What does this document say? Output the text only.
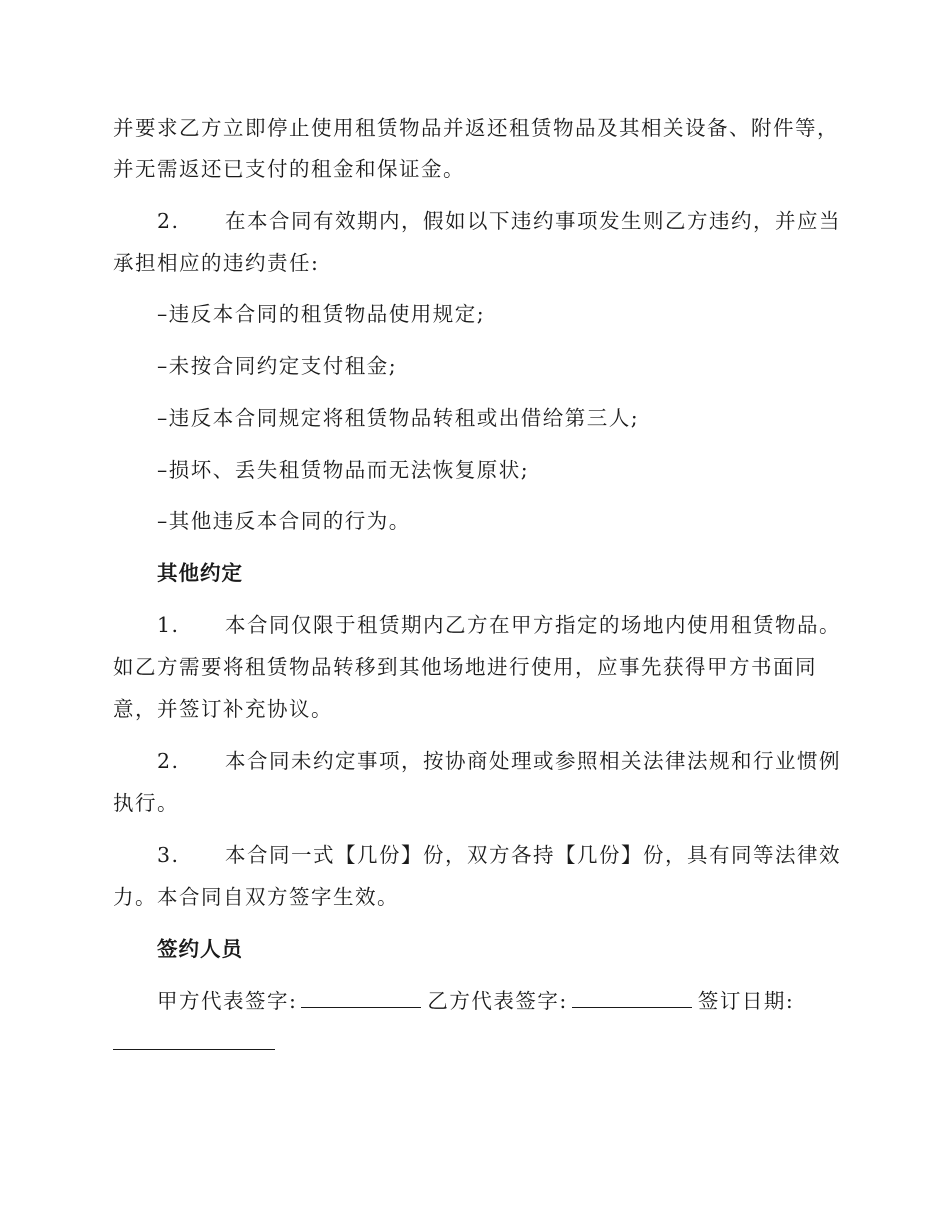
并要求乙方立即停止使用租赁物品并返还租赁物品及其相关设备、附件等，
并无需返还已支付的租金和保证金。
2. 在本合同有效期内，假如以下违约事项发生则乙方违约，并应当
承担相应的违约责任:
–违反本合同的租赁物品使用规定;
–未按合同约定支付租金;
–违反本合同规定将租赁物品转租或出借给第三人;
–损坏、丢失租赁物品而无法恢复原状;
–其他违反本合同的行为。
其他约定
1. 本合同仅限于租赁期内乙方在甲方指定的场地内使用租赁物品。
如乙方需要将租赁物品转移到其他场地进行使用，应事先获得甲方书面同
意，并签订补充协议。
2. 本合同未约定事项，按协商处理或参照相关法律法规和行业惯例
执行。
3. 本合同一式【几份】份，双方各持【几份】份，具有同等法律效
力。本合同自双方签字生效。
签约人员
甲方代表签字:	乙方代表签字:	签订日期:
